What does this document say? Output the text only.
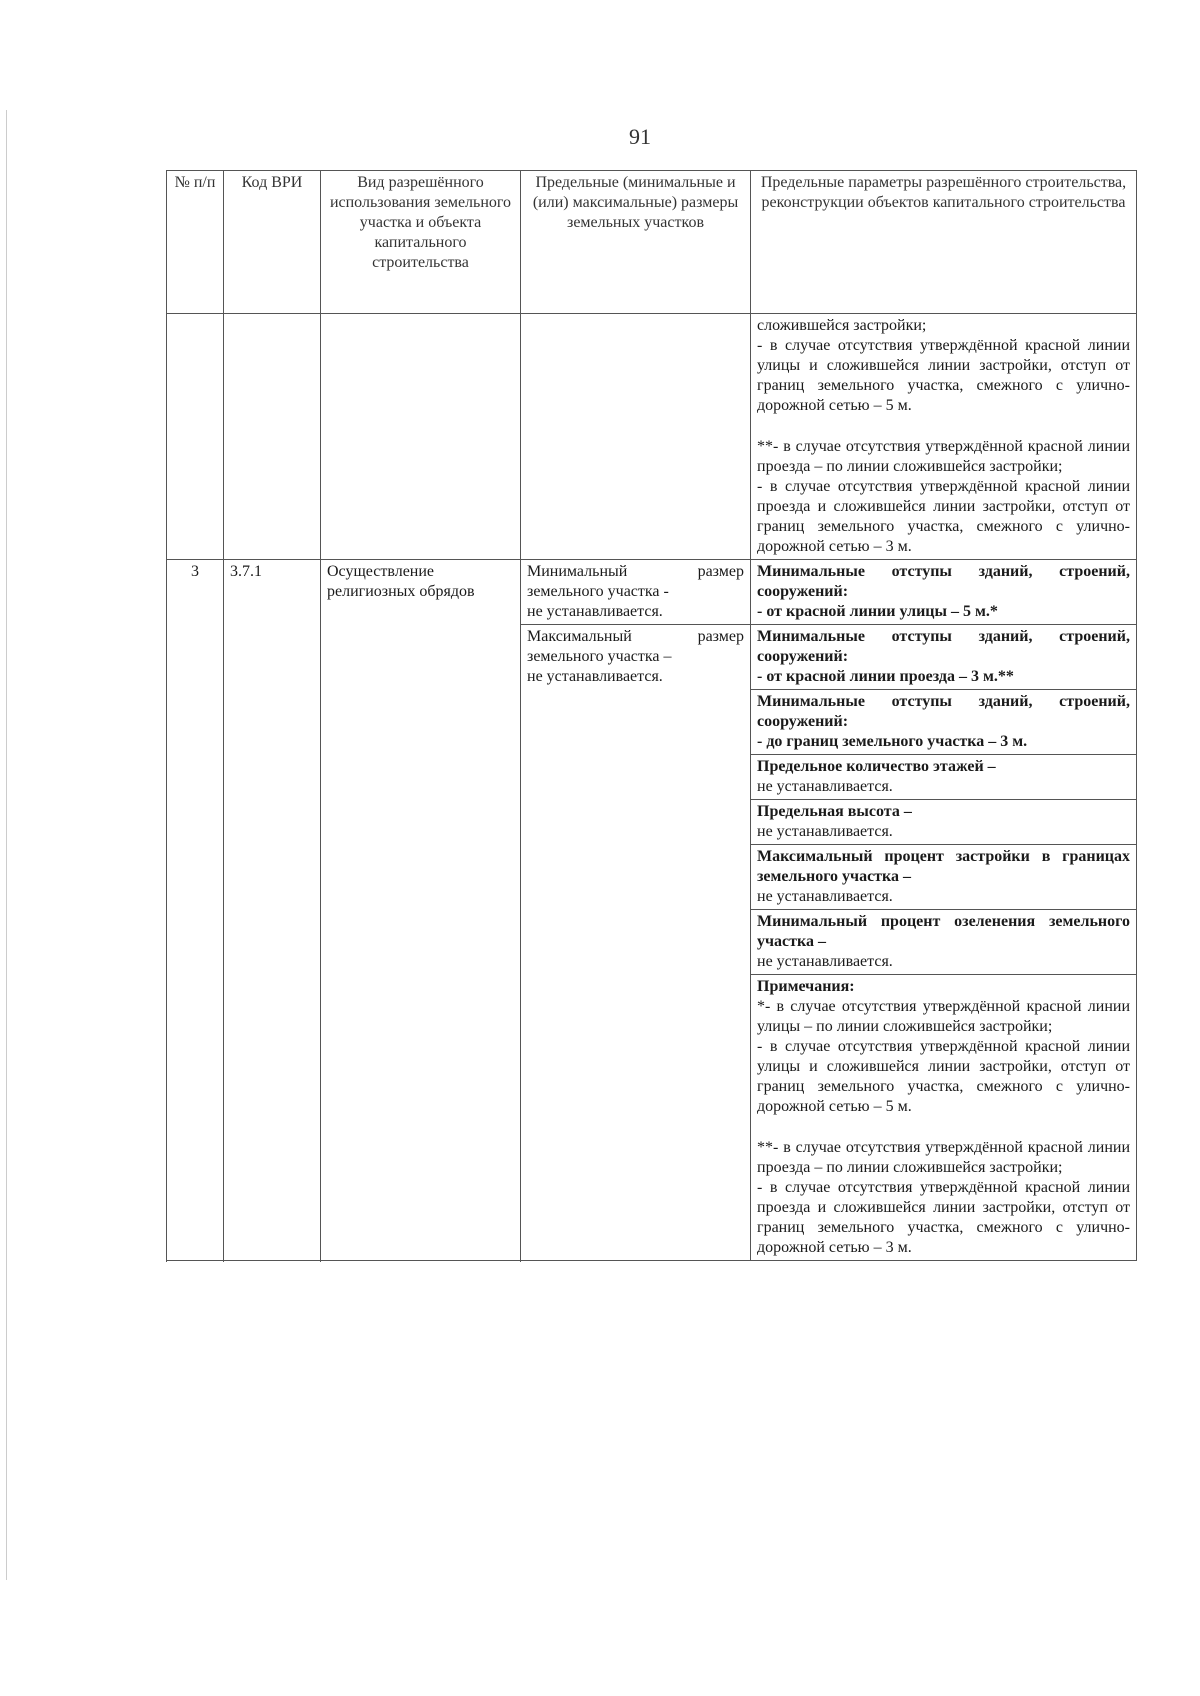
91
№ п/п	Код ВРИ	Вид разрешённого использования земельного участка и объекта капитального строительства	Предельные (минимальные и (или) максимальные) размеры земельных участков	Предельные параметры разрешённого строительства, реконструкции объектов капитального строительства

				сложившейся застройки;
- в случае отсутствия утверждённой красной линии улицы и сложившейся линии застройки, отступ от границ земельного участка, смежного с улично-дорожной сетью – 5 м.
**- в случае отсутствия утверждённой красной линии проезда – по линии сложившейся застройки;
- в случае отсутствия утверждённой красной линии проезда и сложившейся линии застройки, отступ от границ земельного участка, смежного с улично-дорожной сетью – 3 м.

3	3.7.1	Осуществление религиозных обрядов	Минимальный размер земельного участка -
не устанавливается.	Минимальные отступы зданий, строений, сооружений:
- от красной линии улицы – 5 м.*

			Максимальный размер земельного участка –
не устанавливается.	Минимальные отступы зданий, строений, сооружений:
- от красной линии проезда – 3 м.**

				Минимальные отступы зданий, строений, сооружений:
- до границ земельного участка – 3 м.

				Предельное количество этажей –
не устанавливается.

				Предельная высота –
не устанавливается.

				Максимальный процент застройки в границах земельного участка –
не устанавливается.

				Минимальный процент озеленения земельного участка –
не устанавливается.

				Примечания:
*- в случае отсутствия утверждённой красной линии улицы – по линии сложившейся застройки;
- в случае отсутствия утверждённой красной линии улицы и сложившейся линии застройки, отступ от границ земельного участка, смежного с улично-дорожной сетью – 5 м.
**- в случае отсутствия утверждённой красной линии проезда – по линии сложившейся застройки;
- в случае отсутствия утверждённой красной линии проезда и сложившейся линии застройки, отступ от границ земельного участка, смежного с улично-дорожной сетью – 3 м.
